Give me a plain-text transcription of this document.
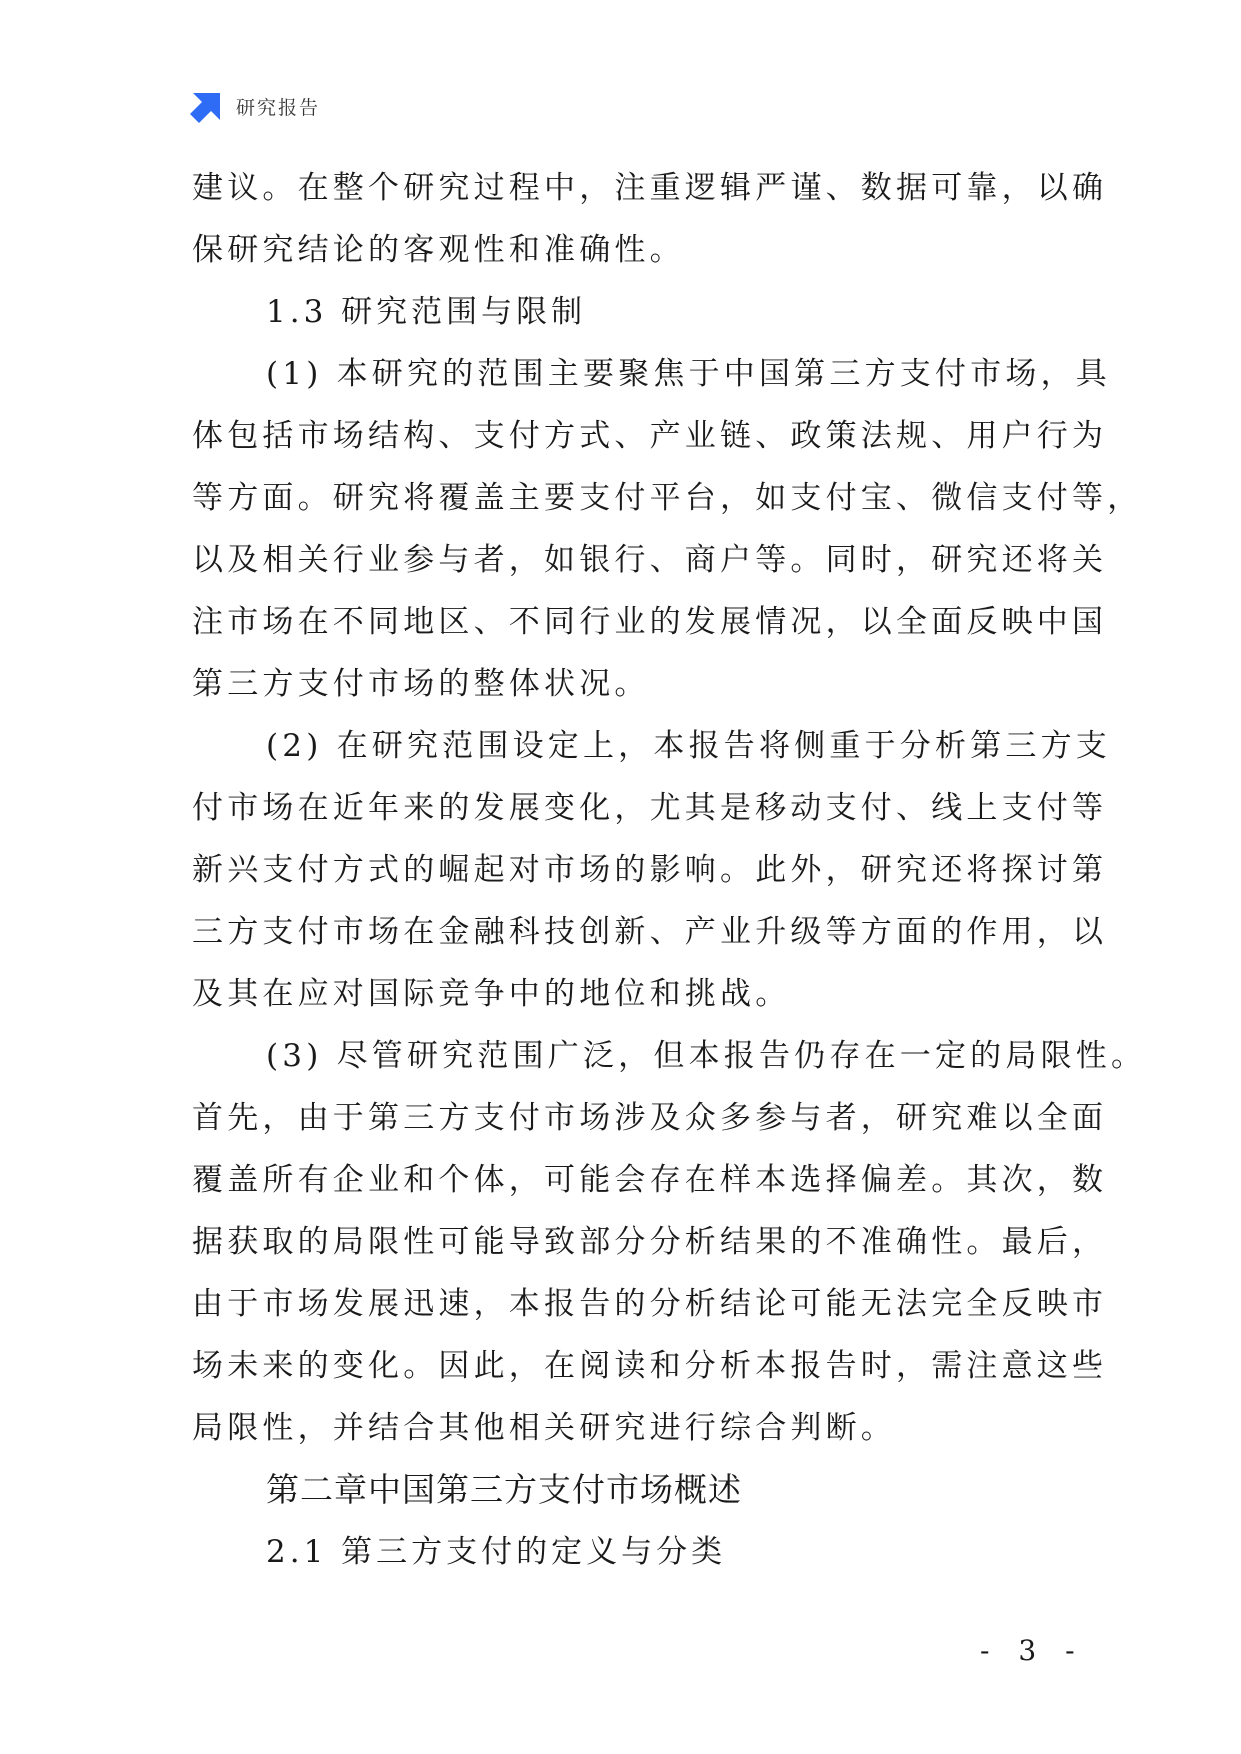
研究报告

建议。在整个研究过程中，注重逻辑严谨、数据可靠，以确

保研究结论的客观性和准确性。

1.3 研究范围与限制

(1) 本研究的范围主要聚焦于中国第三方支付市场，具

体包括市场结构、支付方式、产业链、政策法规、用户行为

等方面。研究将覆盖主要支付平台，如支付宝、微信支付等，

以及相关行业参与者，如银行、商户等。同时，研究还将关

注市场在不同地区、不同行业的发展情况，以全面反映中国

第三方支付市场的整体状况。

(2) 在研究范围设定上，本报告将侧重于分析第三方支

付市场在近年来的发展变化，尤其是移动支付、线上支付等

新兴支付方式的崛起对市场的影响。此外，研究还将探讨第

三方支付市场在金融科技创新、产业升级等方面的作用，以

及其在应对国际竞争中的地位和挑战。

(3) 尽管研究范围广泛，但本报告仍存在一定的局限性。

首先，由于第三方支付市场涉及众多参与者，研究难以全面

覆盖所有企业和个体，可能会存在样本选择偏差。其次，数

据获取的局限性可能导致部分分析结果的不准确性。最后，

由于市场发展迅速，本报告的分析结论可能无法完全反映市

场未来的变化。因此，在阅读和分析本报告时，需注意这些

局限性，并结合其他相关研究进行综合判断。

第二章中国第三方支付市场概述

2.1 第三方支付的定义与分类

- 3 -
